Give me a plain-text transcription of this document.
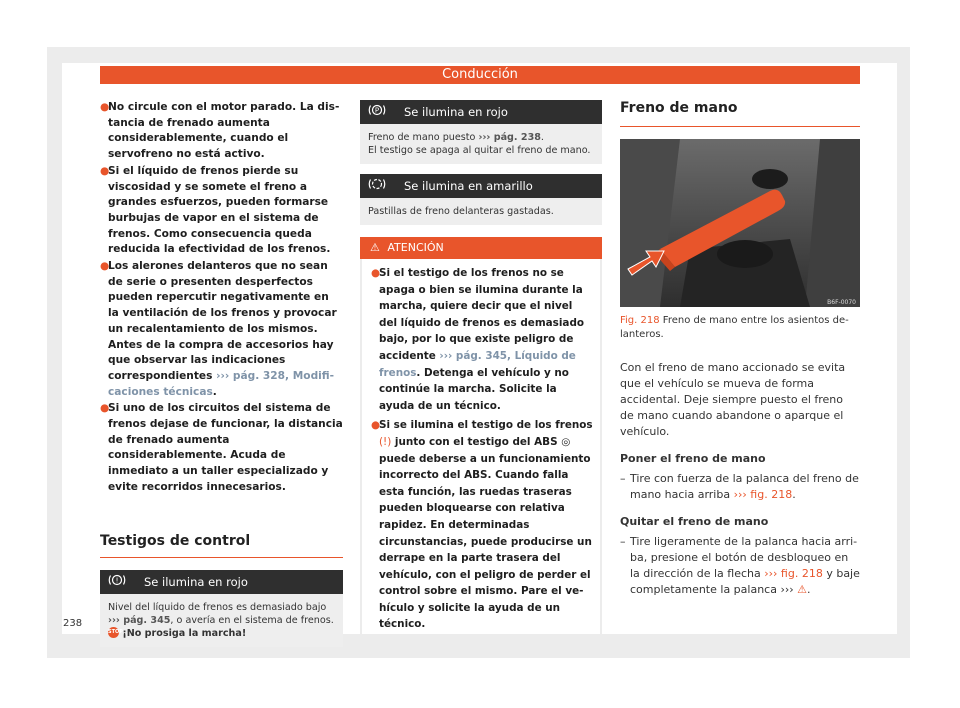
Conducción
●
No circule con el motor parado. La distancia de frenado aumenta considerablemente, cuando el servofreno no está activo.
●
Si el líquido de frenos pierde su viscosidad y se somete el freno a grandes esfuerzos, pueden formarse burbujas de vapor en el sistema de frenos. Como consecuencia queda reducida la efectividad de los frenos.
●
Los alerones delanteros que no sean de serie o presenten desperfectos pueden repercutir negativamente en la ventilación de los frenos y provocar un recalentamiento de los mismos. Antes de la compra de accesorios hay que observar las indicaciones correspondientes ››› pág. 328, Modificaciones técnicas.
●
Si uno de los circuitos del sistema de frenos dejase de funcionar, la distancia de frenado aumenta considerablemente. Acuda de inmediato a un taller especializado y evite recorridos innecesarios.
Testigos de control
!	Se ilumina en rojo
Nivel del líquido de frenos es demasiado bajo
››› pág. 345, o avería en el sistema de frenos.
STOP ¡No prosiga la marcha!
P	Se ilumina en rojo
Freno de mano puesto ››› pág. 238.
El testigo se apaga al quitar el freno de mano.
Se ilumina en amarillo
Pastillas de freno delanteras gastadas.
⚠ ATENCIÓN
●
Si el testigo de los frenos no se apaga o bien se ilumina durante la marcha, quiere decir que el nivel del líquido de frenos es demasiado bajo, por lo que existe peligro de accidente ››› pág. 345, Líquido de frenos. Detenga el vehículo y no continúe la marcha. Solicite la ayuda de un técnico.
●
Si se ilumina el testigo de los frenos (!) junto con el testigo del ABS ◎ puede deberse a un funcionamiento incorrecto del ABS. Cuando falla esta función, las ruedas traseras pueden bloquearse con relativa rapidez. En determinadas circunstancias, puede producirse un derrape en la parte trasera del vehículo, con el peligro de perder el control sobre el mismo. Pare el vehículo y solicite la ayuda de un técnico.
Freno de mano
B6F-0070
Fig. 218 Freno de mano entre los asientos delanteros.
Con el freno de mano accionado se evita que el vehículo se mueva de forma accidental. Deje siempre puesto el freno de mano cuando abandone o aparque el vehículo.
Poner el freno de mano
– Tire con fuerza de la palanca del freno de mano hacia arriba ››› fig. 218.
Quitar el freno de mano
– Tire ligeramente de la palanca hacia arriba, presione el botón de desbloqueo en la dirección de la flecha ››› fig. 218 y baje completamente la palanca ››› ⚠.
238
